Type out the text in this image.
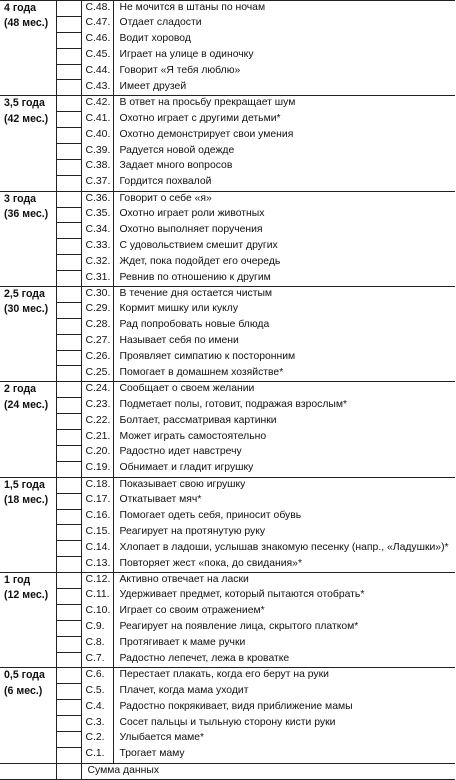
4 года		С.48.	Не мочится в штаны по ночам
(48 мес.)		С.47.	Отдает сладости
		С.46.	Водит хоровод
		С.45.	Играет на улице в одиночку
		С.44.	Говорит «Я тебя люблю»
		С.43.	Имеет друзей
3,5 года		С.42.	В ответ на просьбу прекращает шум
(42 мес.)		С.41.	Охотно играет с другими детьми*
		С.40.	Охотно демонстрирует свои умения
		С.39.	Радуется новой одежде
		С.38.	Задает много вопросов
		С.37.	Гордится похвалой
3 года		С.36.	Говорит о себе «я»
(36 мес.)		С.35.	Охотно играет роли животных
		С.34.	Охотно выполняет поручения
		С.33.	С удовольствием смешит других
		С.32.	Ждет, пока подойдет его очередь
		С.31.	Ревнив по отношению к другим
2,5 года		С.30.	В течение дня остается чистым
(30 мес.)		С.29.	Кормит мишку или куклу
		С.28.	Рад попробовать новые блюда
		С.27.	Называет себя по имени
		С.26.	Проявляет симпатию к посторонним
		С.25.	Помогает в домашнем хозяйстве*
2 года		С.24.	Сообщает о своем желании
(24 мес.)		С.23.	Подметает полы, готовит, подражая взрослым*
		С.22.	Болтает, рассматривая картинки
		С.21.	Может играть самостоятельно
		С.20.	Радостно идет навстречу
		С.19.	Обнимает и гладит игрушку
1,5 года		С.18.	Показывает свою игрушку
(18 мес.)		С.17.	Откатывает мяч*
		С.16.	Помогает одеть себя, приносит обувь
		С.15.	Реагирует на протянутую руку
		С.14.	Хлопает в ладоши, услышав знакомую песенку (напр., «Ладушки»)*
		С.13.	Повторяет жест «пока, до свидания»*
1 год		С.12.	Активно отвечает на ласки
(12 мес.)		С.11.	Удерживает предмет, который пытаются отобрать*
		С.10.	Играет со своим отражением*
		С.9.	Реагирует на появление лица, скрытого платком*
		С.8.	Протягивает к маме ручки
		С.7.	Радостно лепечет, лежа в кроватке
0,5 года		С.6.	Перестает плакать, когда его берут на руки
(6 мес.)		С.5.	Плачет, когда мама уходит
		С.4.	Радостно покрякивает, видя приближение мамы
		С.3.	Сосет пальцы и тыльную сторону кисти руки
		С.2.	Улыбается маме*
		С.1.	Трогает маму
		Сумма данных	
